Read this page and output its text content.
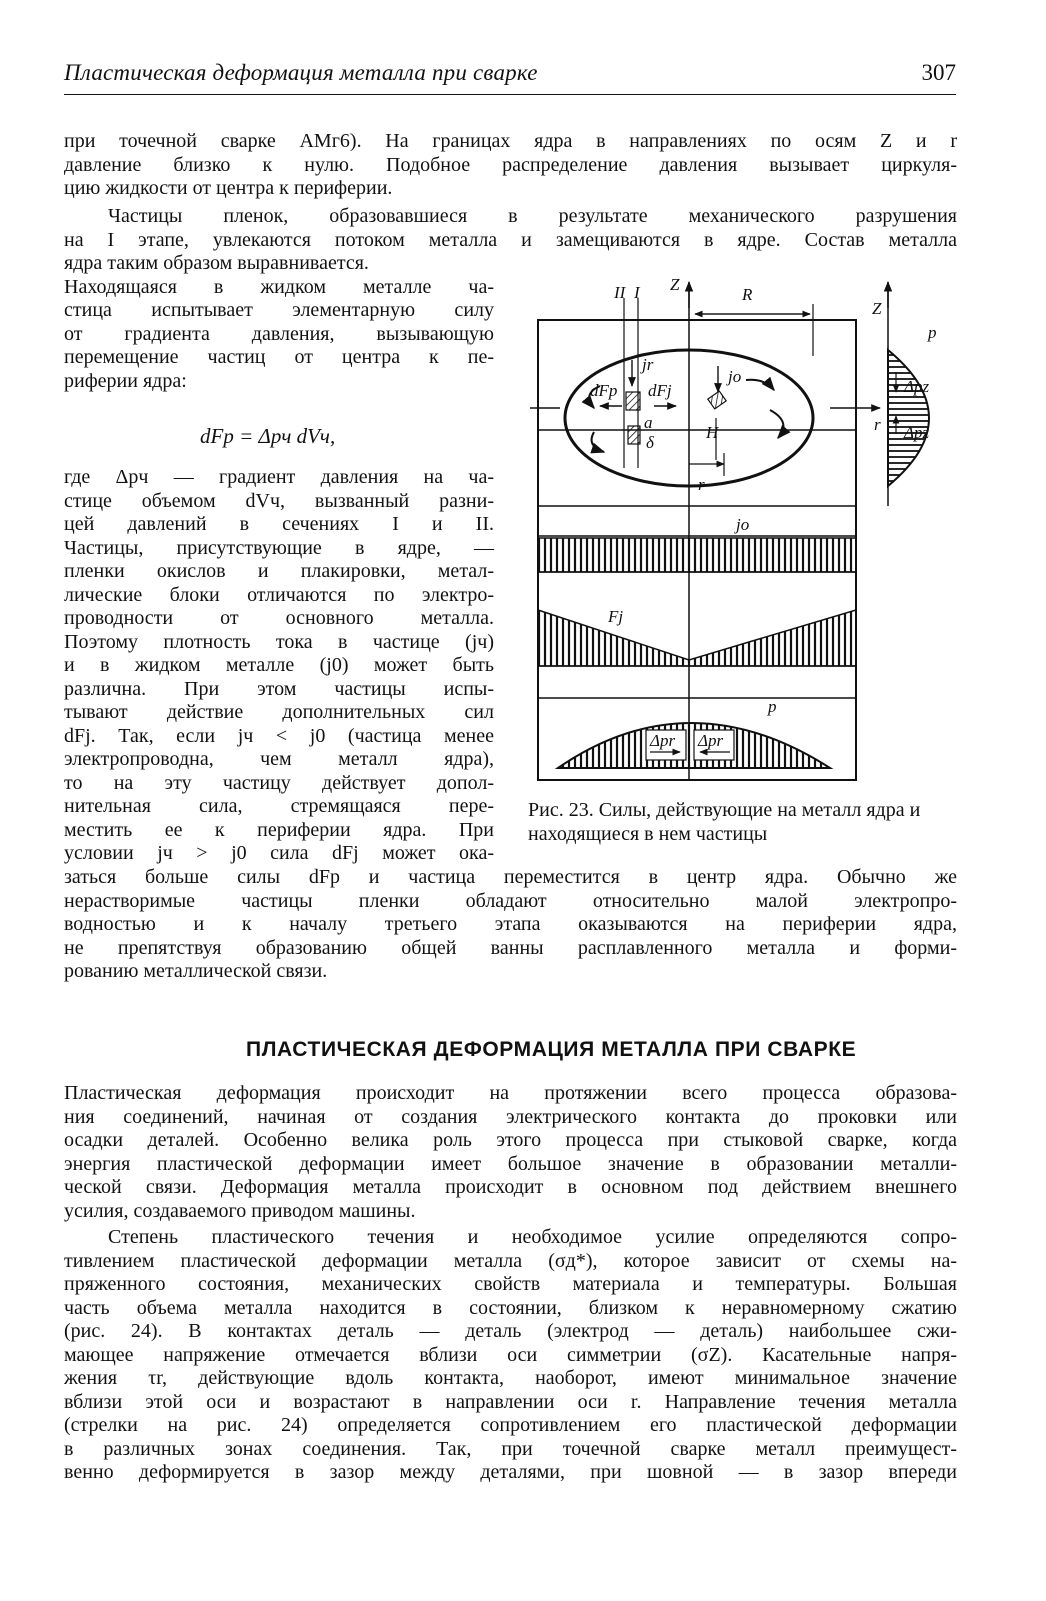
Пластическая деформация металла при сварке	307
при точечной сварке АМг6). На границах ядра в направлениях по осям Z и r
давление близко к нулю. Подобное распределение давления вызывает циркуля-
цию жидкости от центра к периферии.
Частицы пленок, образовавшиеся в результате механического разрушения
на I этапе, увлекаются потоком металла и замещиваются в ядре. Состав металла
ядра таким образом выравнивается.
Находящаяся в жидком металле ча-
стица испытывает элементарную силу
от градиента давления, вызывающую
перемещение частиц от центра к пе-
риферии ядра:
dFp = Δpч dVч,
где Δpч — градиент давления на ча-
стице объемом dVч, вызванный разни-
цей давлений в сечениях I и II.
Частицы, присутствующие в ядре, —
пленки окислов и плакировки, метал-
лические блоки отличаются по электро-
проводности от основного металла.
Поэтому плотность тока в частице (jч)
и в жидком металле (j0) может быть
различна. При этом частицы испы-
тывают действие дополнительных сил
dFj. Так, если jч < j0 (частица менее
электропроводна, чем металл ядра),
то на эту частицу действует допол-
нительная сила, стремящаяся пере-
местить ее к периферии ядра. При
условии jч > j0 сила dFj может ока-
заться больше силы dFp и частица переместится в центр ядра. Обычно же
нерастворимые частицы пленки обладают относительно малой электропро-
водностью и к началу третьего этапа оказываются на периферии ядра,
не препятствуя образованию общей ванны расплавленного металла и форми-
рованию металлической связи.
II I Z
R
Z
p
jr
jo
dFp dFj
a
δ
H
r
r
Δpz
Δpz
jo
Fj
Δpr Δpr
p
Рис. 23. Силы, действующие на металл ядра и находящиеся в нем частицы
ПЛАСТИЧЕСКАЯ ДЕФОРМАЦИЯ МЕТАЛЛА ПРИ СВАРКЕ
Пластическая деформация происходит на протяжении всего процесса образова-
ния соединений, начиная от создания электрического контакта до проковки или
осадки деталей. Особенно велика роль этого процесса при стыковой сварке, когда
энергия пластической деформации имеет большое значение в образовании металли-
ческой связи. Деформация металла происходит в основном под действием внешнего
усилия, создаваемого приводом машины.
Степень пластического течения и необходимое усилие определяются сопро-
тивлением пластической деформации металла (σд*), которое зависит от схемы на-
пряженного состояния, механических свойств материала и температуры. Большая
часть объема металла находится в состоянии, близком к неравномерному сжатию
(рис. 24). В контактах деталь — деталь (электрод — деталь) наибольшее сжи-
мающее напряжение отмечается вблизи оси симметрии (σZ). Касательные напря-
жения τr, действующие вдоль контакта, наоборот, имеют минимальное значение
вблизи этой оси и возрастают в направлении оси r. Направление течения металла
(стрелки на рис. 24) определяется сопротивлением его пластической деформации
в различных зонах соединения. Так, при точечной сварке металл преимущест-
венно деформируется в зазор между деталями, при шовной — в зазор впереди
